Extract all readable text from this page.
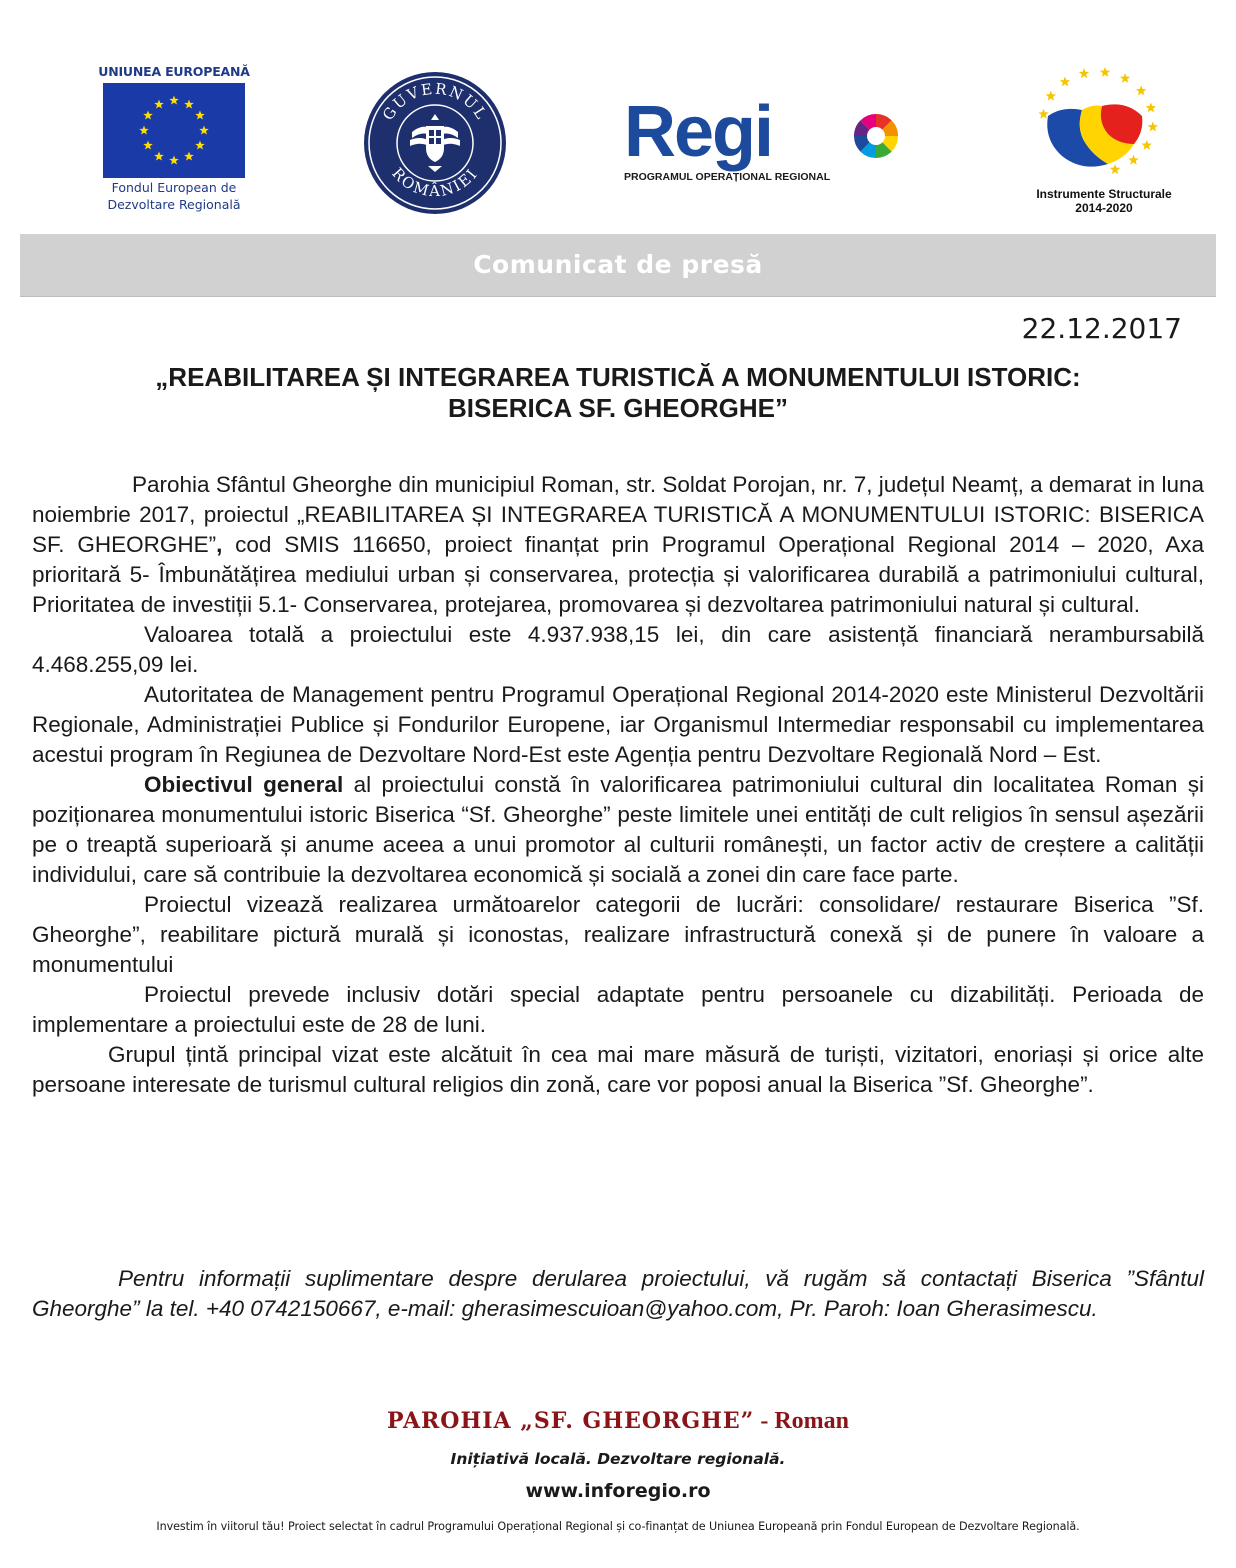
UNIUNEA EUROPEANĂ
Fondul European de
Dezvoltare Regională
GUVERNUL
ROMÂNIEI
Regi
PROGRAMUL OPERAȚIONAL REGIONAL
Instrumente Structurale
2014-2020
Comunicat de presă
22.12.2017
„REABILITAREA ȘI INTEGRAREA TURISTICĂ A MONUMENTULUI ISTORIC:
BISERICA SF. GHEORGHE”

Parohia Sfântul Gheorghe din municipiul Roman, str. Soldat Porojan, nr. 7, județul Neamț, a demarat in luna noiembrie 2017, proiectul „REABILITAREA ȘI INTEGRAREA TURISTICĂ A MONUMENTULUI ISTORIC: BISERICA SF. GHEORGHE”, cod SMIS 116650, proiect finanțat prin Programul Operațional Regional 2014 – 2020, Axa prioritară 5- Îmbunătățirea mediului urban și conservarea, protecția și valorificarea durabilă a patrimoniului cultural, Prioritatea de investiții 5.1- Conservarea, protejarea, promovarea și dezvoltarea patrimoniului natural și cultural.

Valoarea totală a proiectului este 4.937.938,15 lei, din care asistență financiară nerambursabilă 4.468.255,09 lei.

Autoritatea de Management pentru Programul Operațional Regional 2014-2020 este Ministerul Dezvoltării Regionale, Administrației Publice și Fondurilor Europene, iar Organismul Intermediar responsabil cu implementarea acestui program în Regiunea de Dezvoltare Nord-Est este Agenția pentru Dezvoltare Regională Nord – Est.

Obiectivul general al proiectului constă în valorificarea patrimoniului cultural din localitatea Roman și poziționarea monumentului istoric Biserica “Sf. Gheorghe” peste limitele unei entități de cult religios în sensul așezării pe o treaptă superioară și anume aceea a unui promotor al culturii românești, un factor activ de creștere a calității individului, care să contribuie la dezvoltarea economică și socială a zonei din care face parte.

Proiectul vizează realizarea următoarelor categorii de lucrări: consolidare/ restaurare Biserica ”Sf. Gheorghe”, reabilitare pictură murală și iconostas, realizare infrastructură conexă și de punere în valoare a monumentului

Proiectul prevede inclusiv dotări special adaptate pentru persoanele cu dizabilități. Perioada de implementare a proiectului este de 28 de luni.

Grupul țintă principal vizat este alcătuit în cea mai mare măsură de turiști, vizitatori, enoriași și orice alte persoane interesate de turismul cultural religios din zonă, care vor poposi anual la Biserica ”Sf. Gheorghe”.

Pentru informații suplimentare despre derularea proiectului, vă rugăm să contactați Biserica ”Sfântul Gheorghe” la tel. +40 0742150667, e-mail: gherasimescuioan@yahoo.com, Pr. Paroh: Ioan Gherasimescu.

PAROHIA „SF. GHEORGHE” - Roman
Inițiativă locală. Dezvoltare regională.
www.inforegio.ro
Investim în viitorul tău! Proiect selectat în cadrul Programului Operațional Regional și co-finanțat de Uniunea Europeană prin Fondul European de Dezvoltare Regională.
